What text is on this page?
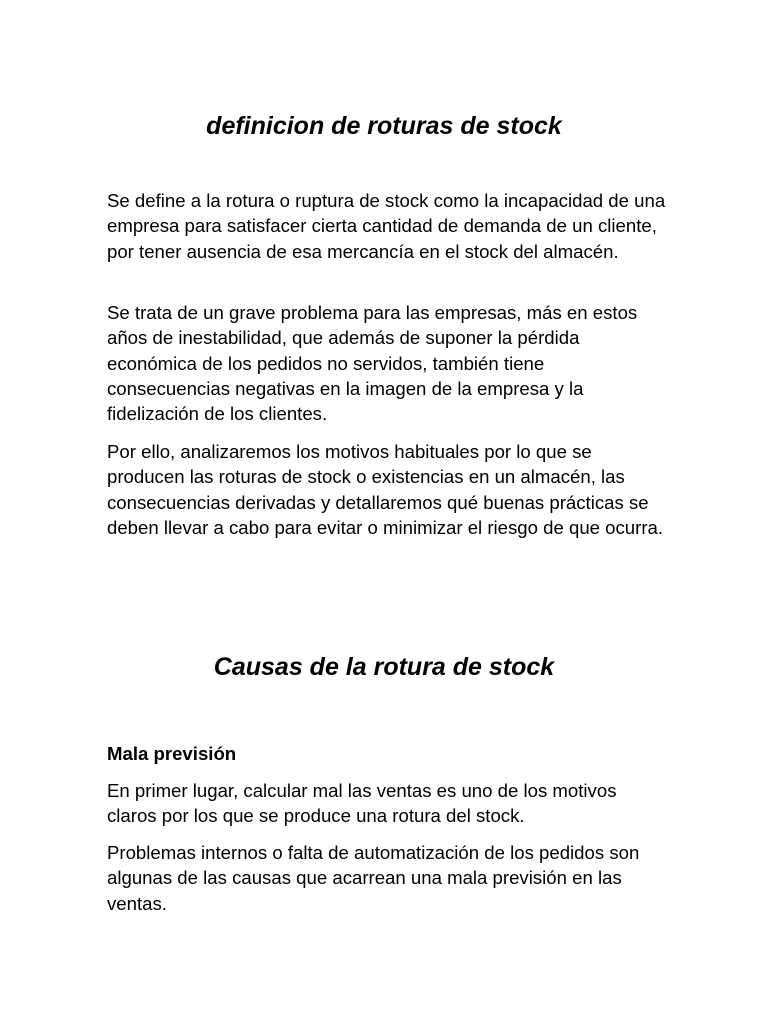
definicion de roturas de stock

Se define a la rotura o ruptura de stock como la incapacidad de una empresa para satisfacer cierta cantidad de demanda de un cliente, por tener ausencia de esa mercancía en el stock del almacén.

Se trata de un grave problema para las empresas, más en estos años de inestabilidad, que además de suponer la pérdida económica de los pedidos no servidos, también tiene consecuencias negativas en la imagen de la empresa y la fidelización de los clientes.

Por ello, analizaremos los motivos habituales por lo que se producen las roturas de stock o existencias en un almacén, las consecuencias derivadas y detallaremos qué buenas prácticas se deben llevar a cabo para evitar o minimizar el riesgo de que ocurra.

Causas de la rotura de stock
Mala previsión

En primer lugar, calcular mal las ventas es uno de los motivos claros por los que se produce una rotura del stock.

Problemas internos o falta de automatización de los pedidos son algunas de las causas que acarrean una mala previsión en las ventas.
